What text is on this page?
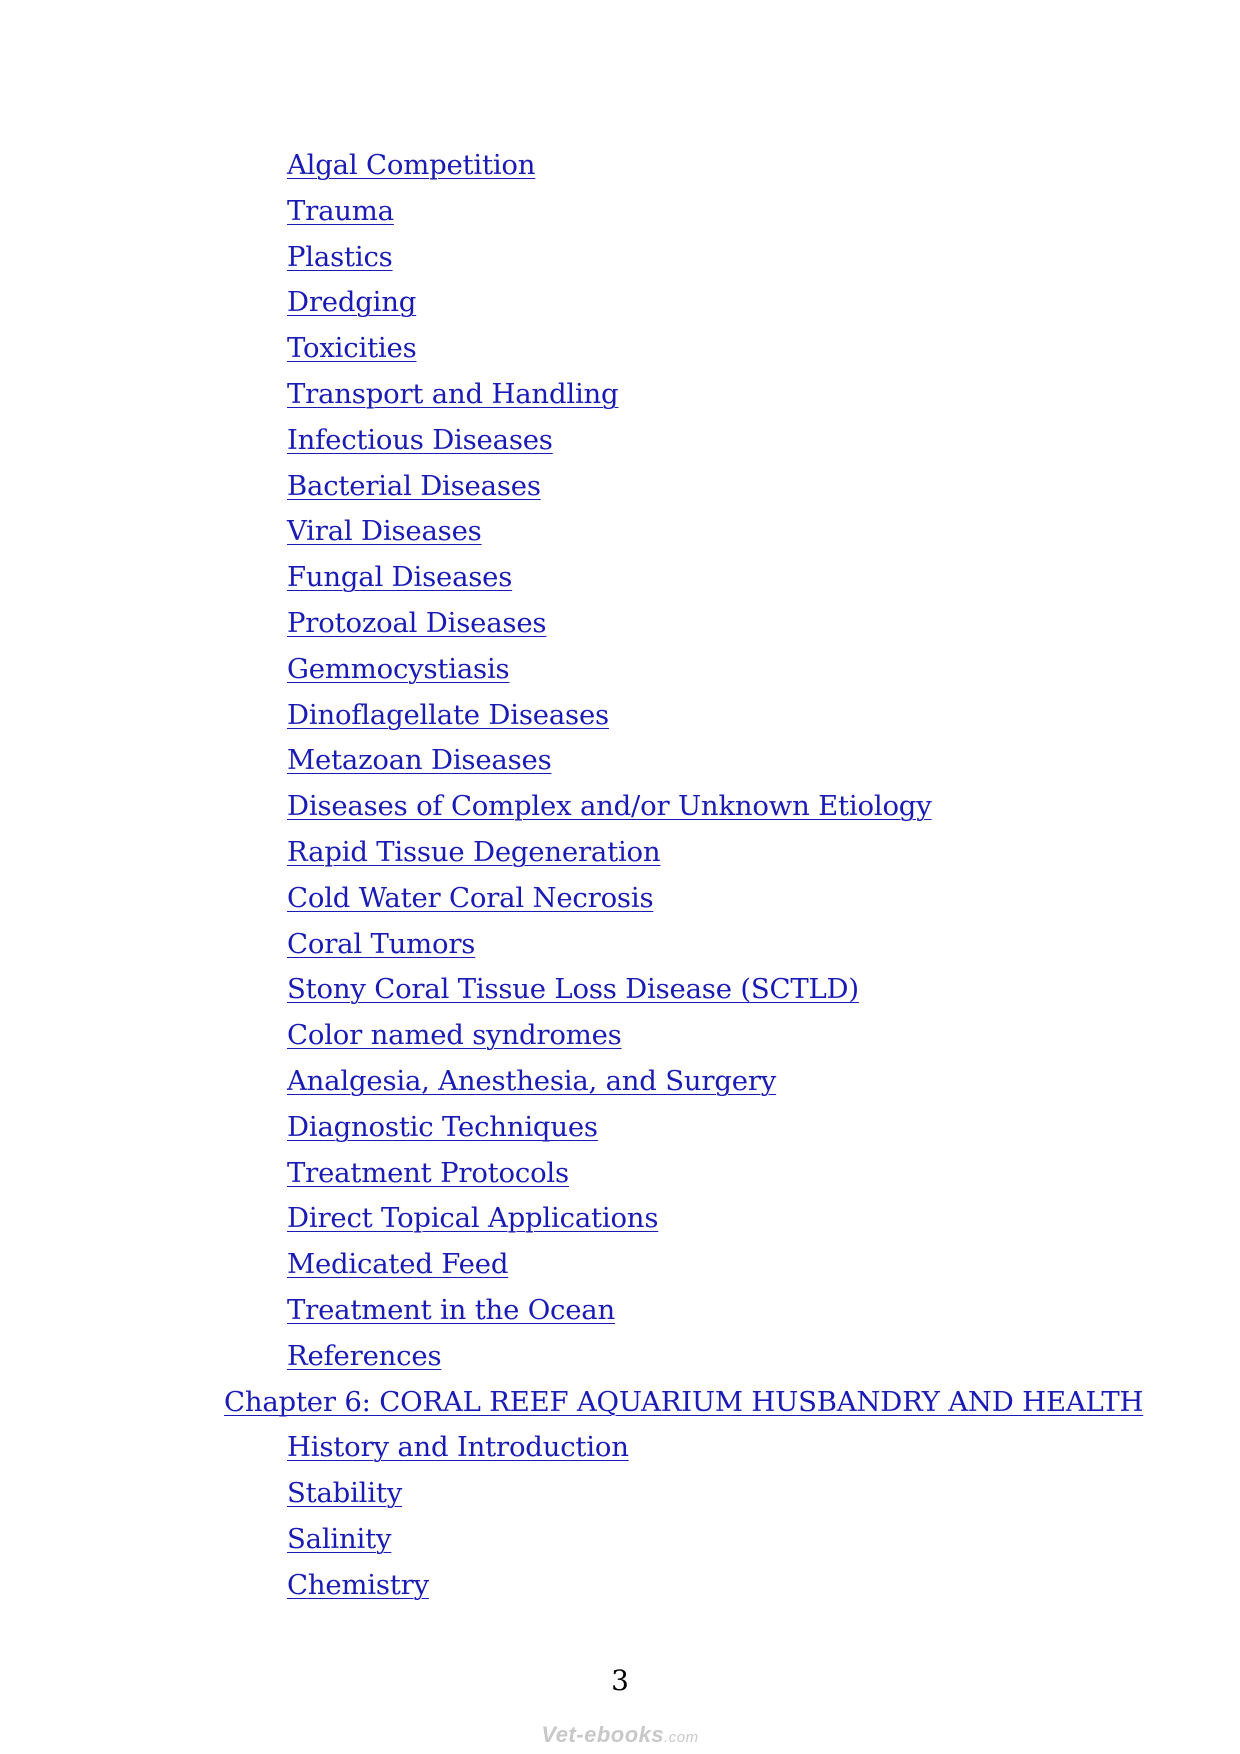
Algal Competition
Trauma
Plastics
Dredging
Toxicities
Transport and Handling
Infectious Diseases
Bacterial Diseases
Viral Diseases
Fungal Diseases
Protozoal Diseases
Gemmocystiasis
Dinoflagellate Diseases
Metazoan Diseases
Diseases of Complex and/or Unknown Etiology
Rapid Tissue Degeneration
Cold Water Coral Necrosis
Coral Tumors
Stony Coral Tissue Loss Disease (SCTLD)
Color named syndromes
Analgesia, Anesthesia, and Surgery
Diagnostic Techniques
Treatment Protocols
Direct Topical Applications
Medicated Feed
Treatment in the Ocean
References
Chapter 6: CORAL REEF AQUARIUM HUSBANDRY AND HEALTH
History and Introduction
Stability
Salinity
Chemistry
3
Vet-ebooks.com
